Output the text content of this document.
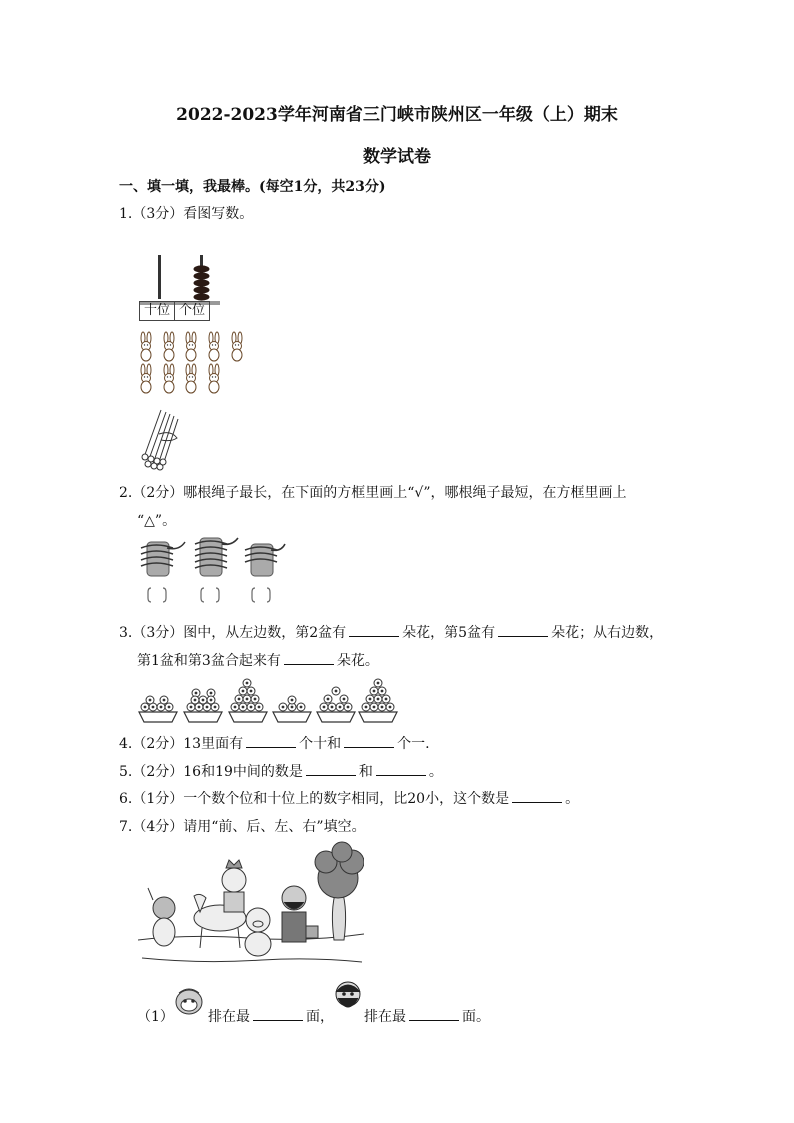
2022-2023学年河南省三门峡市陕州区一年级（上）期末
数学试卷
一、填一填，我最棒。(每空1分，共23分)
1.（3分）看图写数。
十位 个位
2.（2分）哪根绳子最长，在下面的方框里画上“√”，哪根绳子最短，在方框里画上
“△”。
3.（3分）图中，从左边数，第2盆有	朵花，第5盆有	朵花；从右边数，
第1盆和第3盆合起来有	朵花。
4.（2分）13里面有	个十和	个一.
5.（2分）16和19中间的数是	和	。
6.（1分）一个数个位和十位上的数字相同，比20小，这个数是	。
7.（4分）请用“前、后、左、右”填空。
（1） 排在最	面， 排在最	面。
